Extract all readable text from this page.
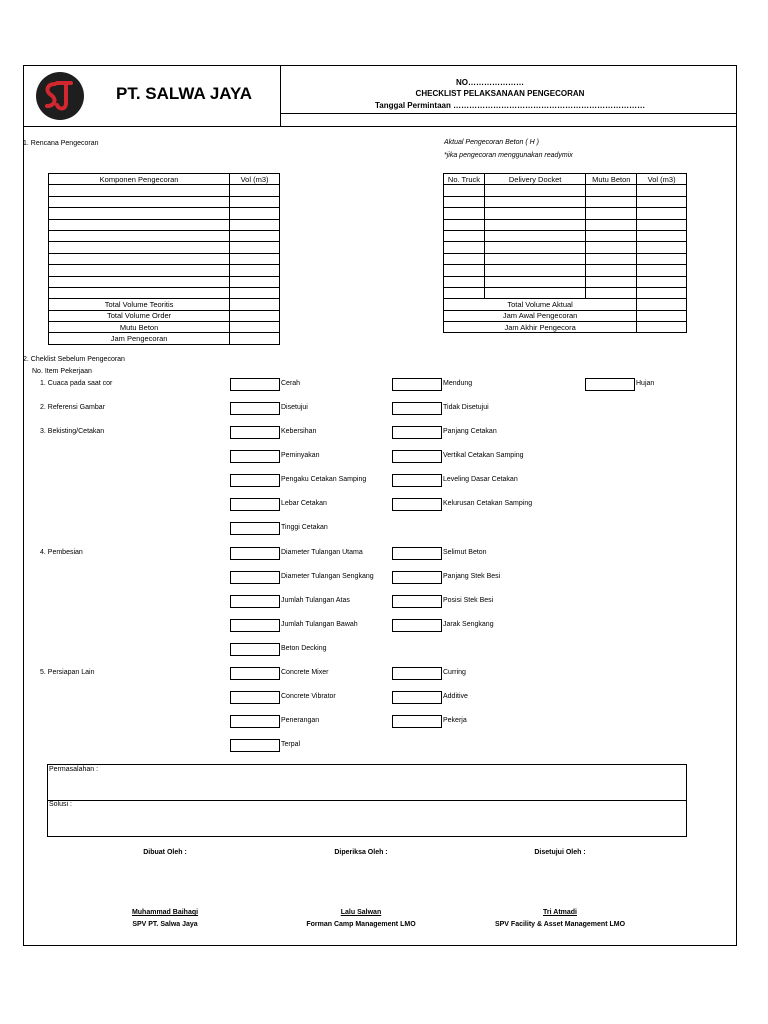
PT. SALWA JAYA
NO…………………
CHECKLIST PELAKSANAAN PENGECORAN
Tanggal Permintaan ………………………………………………………………
1. Rencana Pengecoran	Aktual Pengecoran Beton ( H )
*jika pengecoran menggunakan readymix
Komponen Pengecoran	Vol (m3)

Total Volume Teoritis	
Total Volume Order	
Mutu Beton	
Jam Pengecoran	
No. Truck	Delivery Docket	Mutu Beton	Vol (m3)

Total Volume Aktual			
Jam Awal Pengecoran			
Jam Akhir Pengecora			
2. Cheklist Sebelum Pengecoran
No. Item Pekerjaan
1. Cuaca pada saat cor	Cerah	Mendung	Hujan
2. Referensi Gambar	Disetujui	Tidak Disetujui
3. Bekisting/Cetakan	Kebersihan	Panjang Cetakan
Peminyakan	Vertikal Cetakan Samping
Pengaku Cetakan Samping	Leveling Dasar Cetakan
Lebar Cetakan	Kelurusan Cetakan Samping
Tinggi Cetakan
4. Pembesian	Diameter Tulangan Utama	Selimut Beton
Diameter Tulangan Sengkang	Panjang Stek Besi
Jumlah Tulangan Atas	Posisi Stek Besi
Jumlah Tulangan Bawah	Jarak Sengkang
Beton Decking
5. Persiapan Lain	Concrete Mixer	Curring
Concrete Vibrator	Additive
Penerangan	Pekerja
Terpal
Permasalahan :
Solusi :
Dibuat Oleh :	Diperiksa Oleh :	Disetujui Oleh :
Muhammad Baihaqi	Lalu Salwan	Tri Atmadi
SPV PT. Salwa Jaya	Forman Camp Management LMO	SPV Facility & Asset Management LMO
